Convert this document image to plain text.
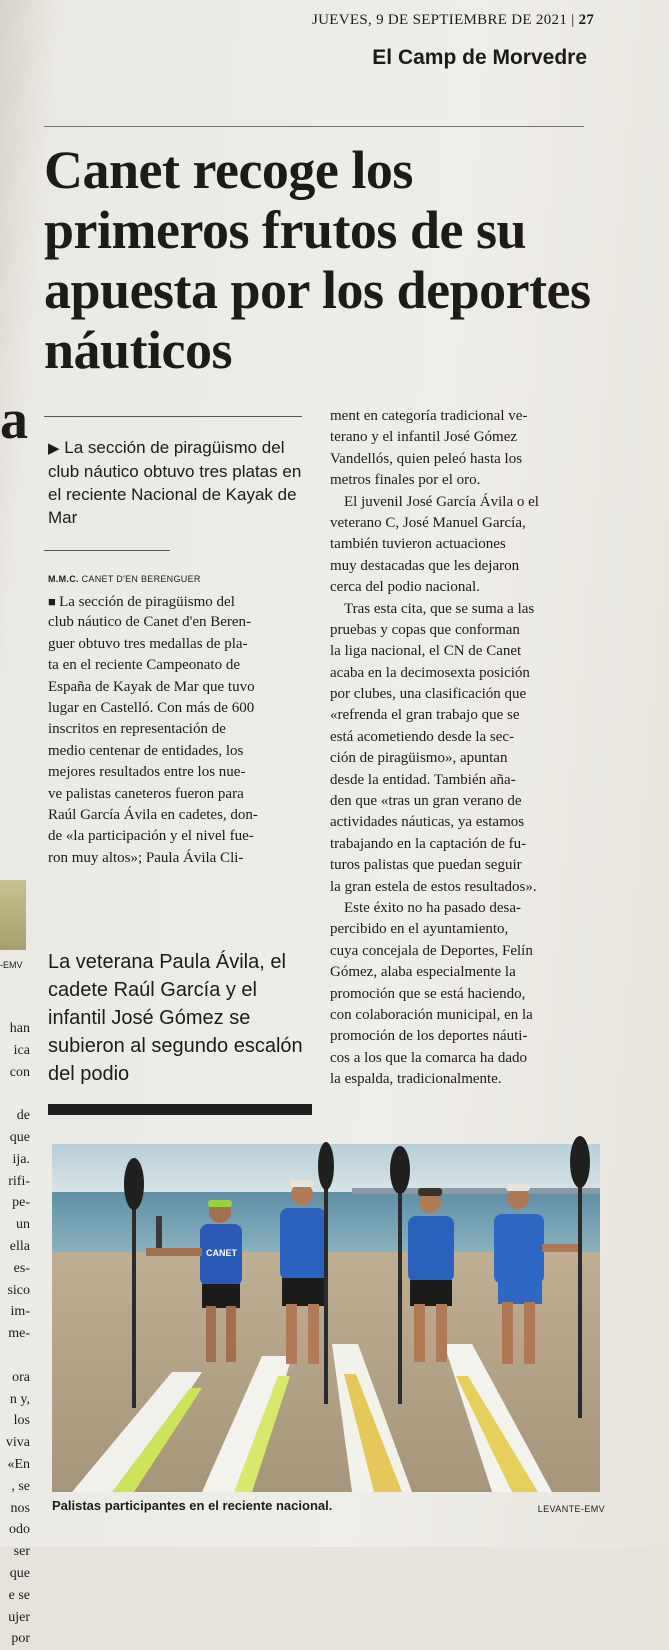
JUEVES, 9 DE SEPTIEMBRE DE 2021 | 27
El Camp de Morvedre
a
-EMV
han
ica
con
de
que
ija.
rifi-
pe-
un
ella
es-
sico
im-
me-
ora
n y,
los
viva
«En
, se
nos
odo
ser
que
e se
ujer
por
Canet recoge los primeros frutos de su apuesta por los deportes náuticos
▶ La sección de piragüismo del club náutico obtuvo tres platas en el reciente Nacional de Kayak de Mar
M.M.C. CANET D'EN BERENGUER
■ La sección de piragüismo del
club náutico de Canet d'en Beren-
guer obtuvo tres medallas de pla-
ta en el reciente Campeonato de
España de Kayak de Mar que tuvo
lugar en Castelló. Con más de 600
inscritos en representación de
medio centenar de entidades, los
mejores resultados entre los nue-
ve palistas caneteros fueron para
Raúl García Ávila en cadetes, don-
de «la participación y el nivel fue-
ron muy altos»; Paula Ávila Cli-
La veterana Paula Ávila, el cadete Raúl García y el infantil José Gómez se subieron al segundo escalón del podio
ment en categoría tradicional ve-
terano y el infantil José Gómez
Vandellós, quien peleó hasta los
metros finales por el oro.
El juvenil José García Ávila o el
veterano C, José Manuel García,
también tuvieron actuaciones
muy destacadas que les dejaron
cerca del podio nacional.
Tras esta cita, que se suma a las
pruebas y copas que conforman
la liga nacional, el CN de Canet
acaba en la decimosexta posición
por clubes, una clasificación que
«refrenda el gran trabajo que se
está acometiendo desde la sec-
ción de piragüismo», apuntan
desde la entidad. También aña-
den que «tras un gran verano de
actividades náuticas, ya estamos
trabajando en la captación de fu-
turos palistas que puedan seguir
la gran estela de estos resultados».
Este éxito no ha pasado desa-
percibido en el ayuntamiento,
cuya concejala de Deportes, Felín
Gómez, alaba especialmente la
promoción que se está haciendo,
con colaboración municipal, en la
promoción de los deportes náuti-
cos a los que la comarca ha dado
la espalda, tradicionalmente.
CANET
Palistas participantes en el reciente nacional.	LEVANTE-EMV
